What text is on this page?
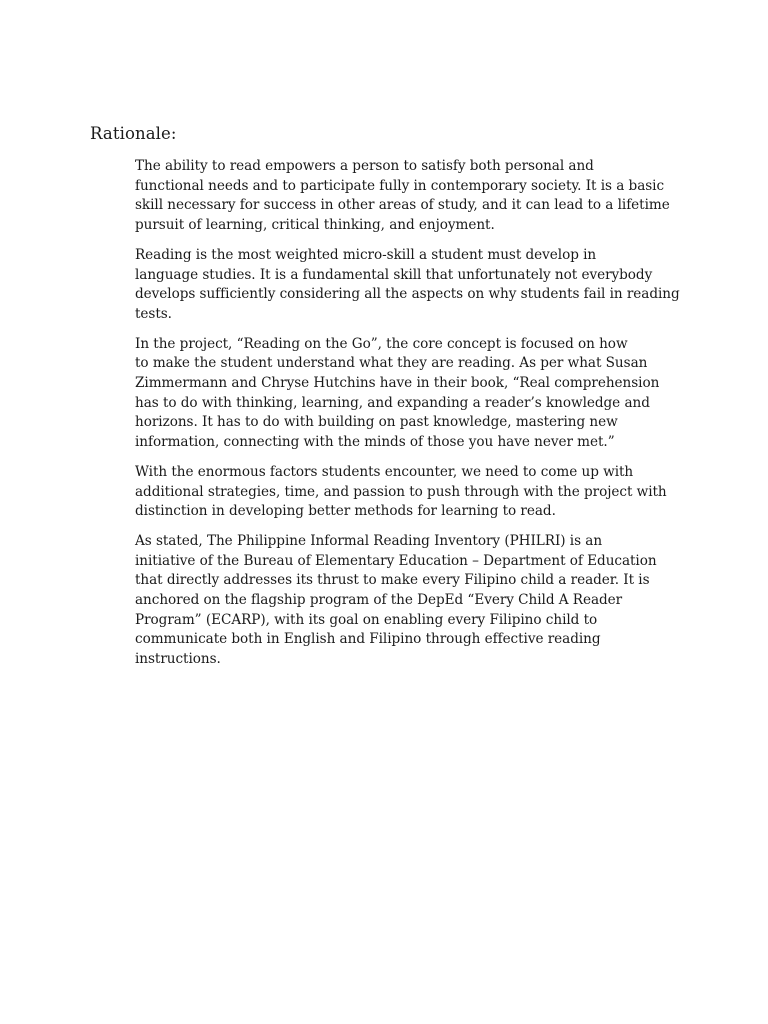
Rationale:

The ability to read empowers a person to satisfy both personal and
functional needs and to participate fully in contemporary society. It is a basic
skill necessary for success in other areas of study, and it can lead to a lifetime
pursuit of learning, critical thinking, and enjoyment.

Reading is the most weighted micro-skill a student must develop in
language studies. It is a fundamental skill that unfortunately not everybody
develops sufficiently considering all the aspects on why students fail in reading
tests.

In the project, “Reading on the Go”, the core concept is focused on how
to make the student understand what they are reading. As per what Susan
Zimmermann and Chryse Hutchins have in their book, “Real comprehension
has to do with thinking, learning, and expanding a reader’s knowledge and
horizons. It has to do with building on past knowledge, mastering new
information, connecting with the minds of those you have never met.”

With the enormous factors students encounter, we need to come up with
additional strategies, time, and passion to push through with the project with
distinction in developing better methods for learning to read.

As stated, The Philippine Informal Reading Inventory (PHILRI) is an
initiative of the Bureau of Elementary Education – Department of Education
that directly addresses its thrust to make every Filipino child a reader. It is
anchored on the flagship program of the DepEd “Every Child A Reader
Program” (ECARP), with its goal on enabling every Filipino child to
communicate both in English and Filipino through effective reading
instructions.
